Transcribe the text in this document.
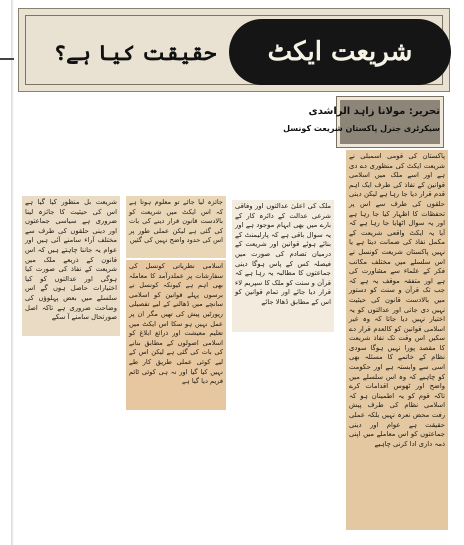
شریعت ایکٹ
حقیقت کیا ہے؟
تحریر: مولانا زاہد الراشدی
سیکرٹری جنرل پاکستان شریعت کونسل
شریعت بل منظور کیا گیا ہے اس کی حیثیت کا جائزہ لینا ضروری ہے سیاسی جماعتوں اور دینی حلقوں کی طرف سے مختلف آراء سامنے آئی ہیں اور عوام یہ جاننا چاہتے ہیں کہ اس قانون کے ذریعے ملک میں شریعت کے نفاذ کی صورت کیا ہوگی اور عدالتوں کو کیا اختیارات حاصل ہوں گے اس سلسلے میں بعض پہلوؤں کی وضاحت ضروری ہے تاکہ اصل صورتحال سامنے آ سکے
جائزہ لیا جائے تو معلوم ہوتا ہے کہ اس ایکٹ میں شریعت کو بالادست قانون قرار دینے کی بات کی گئی ہے لیکن عملی طور پر اس کی حدود واضح نہیں کی گئیں
ملک کی اعلیٰ عدالتوں اور وفاقی شرعی عدالت کے دائرہ کار کے بارے میں بھی ابہام موجود ہے اور یہ سوال باقی ہے کہ پارلیمنٹ کے بنائے ہوئے قوانین اور شریعت کے درمیان تصادم کی صورت میں فیصلہ کس کے پاس ہوگا دینی جماعتوں کا مطالبہ یہ رہا ہے کہ قرآن و سنت کو ملک کا سپریم لاء قرار دیا جائے اور تمام قوانین کو اس کے مطابق ڈھالا جائے
اسلامی نظریاتی کونسل کی سفارشات پر عملدرآمد کا معاملہ بھی اہم ہے کیونکہ کونسل نے برسوں پہلے قوانین کو اسلامی سانچے میں ڈھالنے کے لیے تفصیلی رپورٹیں پیش کی تھیں مگر ان پر عمل نہیں ہو سکا اس ایکٹ میں تعلیم معیشت اور ذرائع ابلاغ کو اسلامی اصولوں کے مطابق بنانے کی بات کی گئی ہے لیکن اس کے لیے کوئی عملی طریق کار طے نہیں کیا گیا اور نہ ہی کوئی ٹائم فریم دیا گیا ہے
پاکستان کی قومی اسمبلی نے شریعت ایکٹ کی منظوری دے دی ہے اور اسے ملک میں اسلامی قوانین کے نفاذ کی طرف ایک اہم قدم قرار دیا جا رہا ہے لیکن دینی حلقوں کی طرف سے اس پر تحفظات کا اظہار کیا جا رہا ہے اور یہ سوال اٹھایا جا رہا ہے کہ آیا یہ ایکٹ واقعی شریعت کے مکمل نفاذ کی ضمانت دیتا ہے یا نہیں پاکستان شریعت کونسل نے اس سلسلے میں مختلف مکاتب فکر کے علماء سے مشاورت کی ہے اور متفقہ موقف یہ ہے کہ جب تک قرآن و سنت کو دستور میں بالادست قانون کی حیثیت نہیں دی جاتی اور عدالتوں کو یہ اختیار نہیں دیا جاتا کہ وہ غیر اسلامی قوانین کو کالعدم قرار دے سکیں اس وقت تک نفاذ شریعت کا مقصد پورا نہیں ہوگا سودی نظام کے خاتمے کا مسئلہ بھی اسی سے وابستہ ہے اور حکومت کو چاہیے کہ وہ اس سلسلے میں واضح اور ٹھوس اقدامات کرے تاکہ قوم کو یہ اطمینان ہو کہ اسلامی نظام کی طرف پیش رفت محض نعرہ نہیں بلکہ عملی حقیقت ہے عوام اور دینی جماعتوں کو اس معاملے میں اپنی ذمہ داری ادا کرنی چاہیے
